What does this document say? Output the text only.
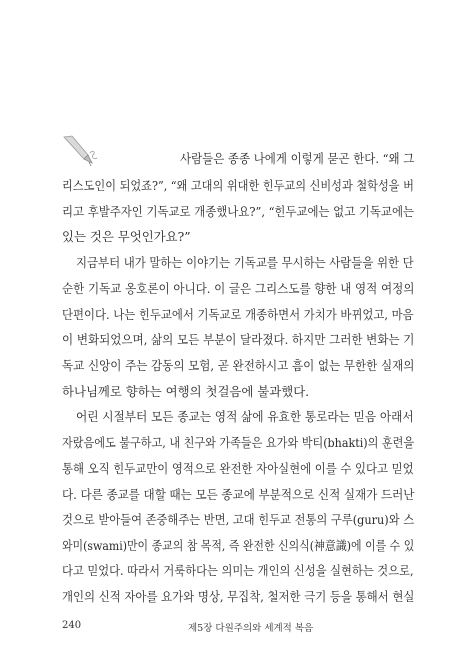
사람들은 종종 나에게 이렇게 묻곤 한다. “왜 그
리스도인이 되었죠?”, “왜 고대의 위대한 힌두교의 신비성과 철학성을 버
리고 후발주자인 기독교로 개종했나요?”, “힌두교에는 없고 기독교에는
있는 것은 무엇인가요?”
지금부터 내가 말하는 이야기는 기독교를 무시하는 사람들을 위한 단
순한 기독교 옹호론이 아니다. 이 글은 그리스도를 향한 내 영적 여정의
단편이다. 나는 힌두교에서 기독교로 개종하면서 가치가 바뀌었고, 마음
이 변화되었으며, 삶의 모든 부분이 달라졌다. 하지만 그러한 변화는 기
독교 신앙이 주는 감동의 모험, 곧 완전하시고 흠이 없는 무한한 실재의
하나님께로 향하는 여행의 첫걸음에 불과했다.
어린 시절부터 모든 종교는 영적 삶에 유효한 통로라는 믿음 아래서
자랐음에도 불구하고, 내 친구와 가족들은 요가와 박티(bhakti)의 훈련을
통해 오직 힌두교만이 영적으로 완전한 자아실현에 이를 수 있다고 믿었
다. 다른 종교를 대할 때는 모든 종교에 부분적으로 신적 실재가 드러난
것으로 받아들여 존중해주는 반면, 고대 힌두교 전통의 구루(guru)와 스
와미(swami)만이 종교의 참 목적, 즉 완전한 신의식(神意識)에 이를 수 있
다고 믿었다. 따라서 거룩하다는 의미는 개인의 신성을 실현하는 것으로,
개인의 신적 자아를 요가와 명상, 무집착, 철저한 극기 등을 통해서 현실
240	제5장 다원주의와 세계적 복음
